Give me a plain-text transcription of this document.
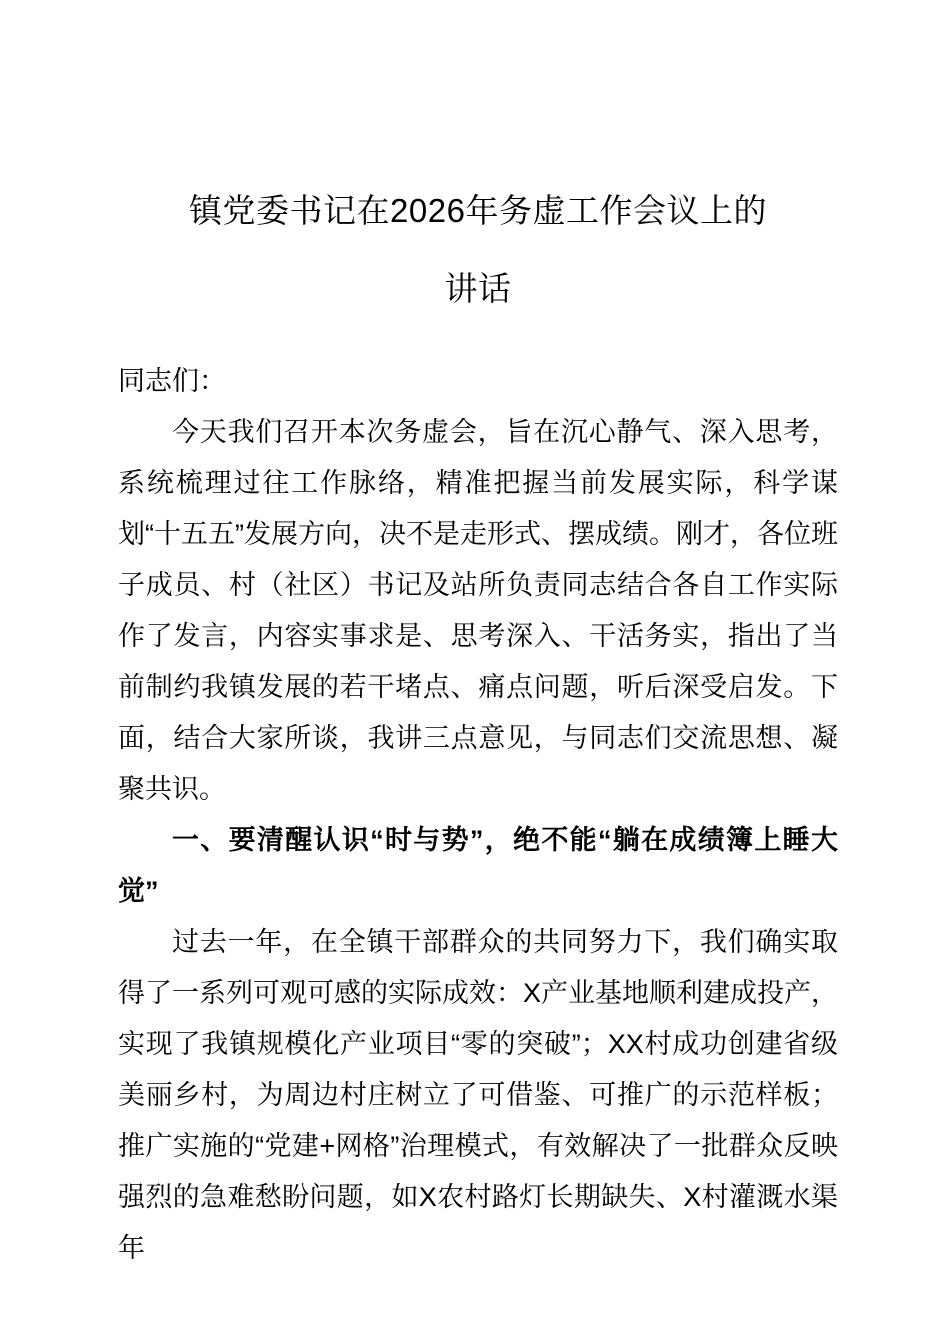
镇党委书记在2026年务虚工作会议上的
讲话

同志们：

今天我们召开本次务虚会，旨在沉心静气、深入思考，系统梳理过往工作脉络，精准把握当前发展实际，科学谋划“十五五”发展方向，决不是走形式、摆成绩。刚才，各位班子成员、村（社区）书记及站所负责同志结合各自工作实际作了发言，内容实事求是、思考深入、干活务实，指出了当前制约我镇发展的若干堵点、痛点问题，听后深受启发。下面，结合大家所谈，我讲三点意见，与同志们交流思想、凝聚共识。

一、要清醒认识“时与势”，绝不能“躺在成绩簿上睡大觉”

过去一年，在全镇干部群众的共同努力下，我们确实取得了一系列可观可感的实际成效：X产业基地顺利建成投产，实现了我镇规模化产业项目“零的突破”；XX村成功创建省级美丽乡村，为周边村庄树立了可借鉴、可推广的示范样板；推广实施的“党建+网格”治理模式，有效解决了一批群众反映强烈的急难愁盼问题，如X农村路灯长期缺失、X村灌溉水渠年
